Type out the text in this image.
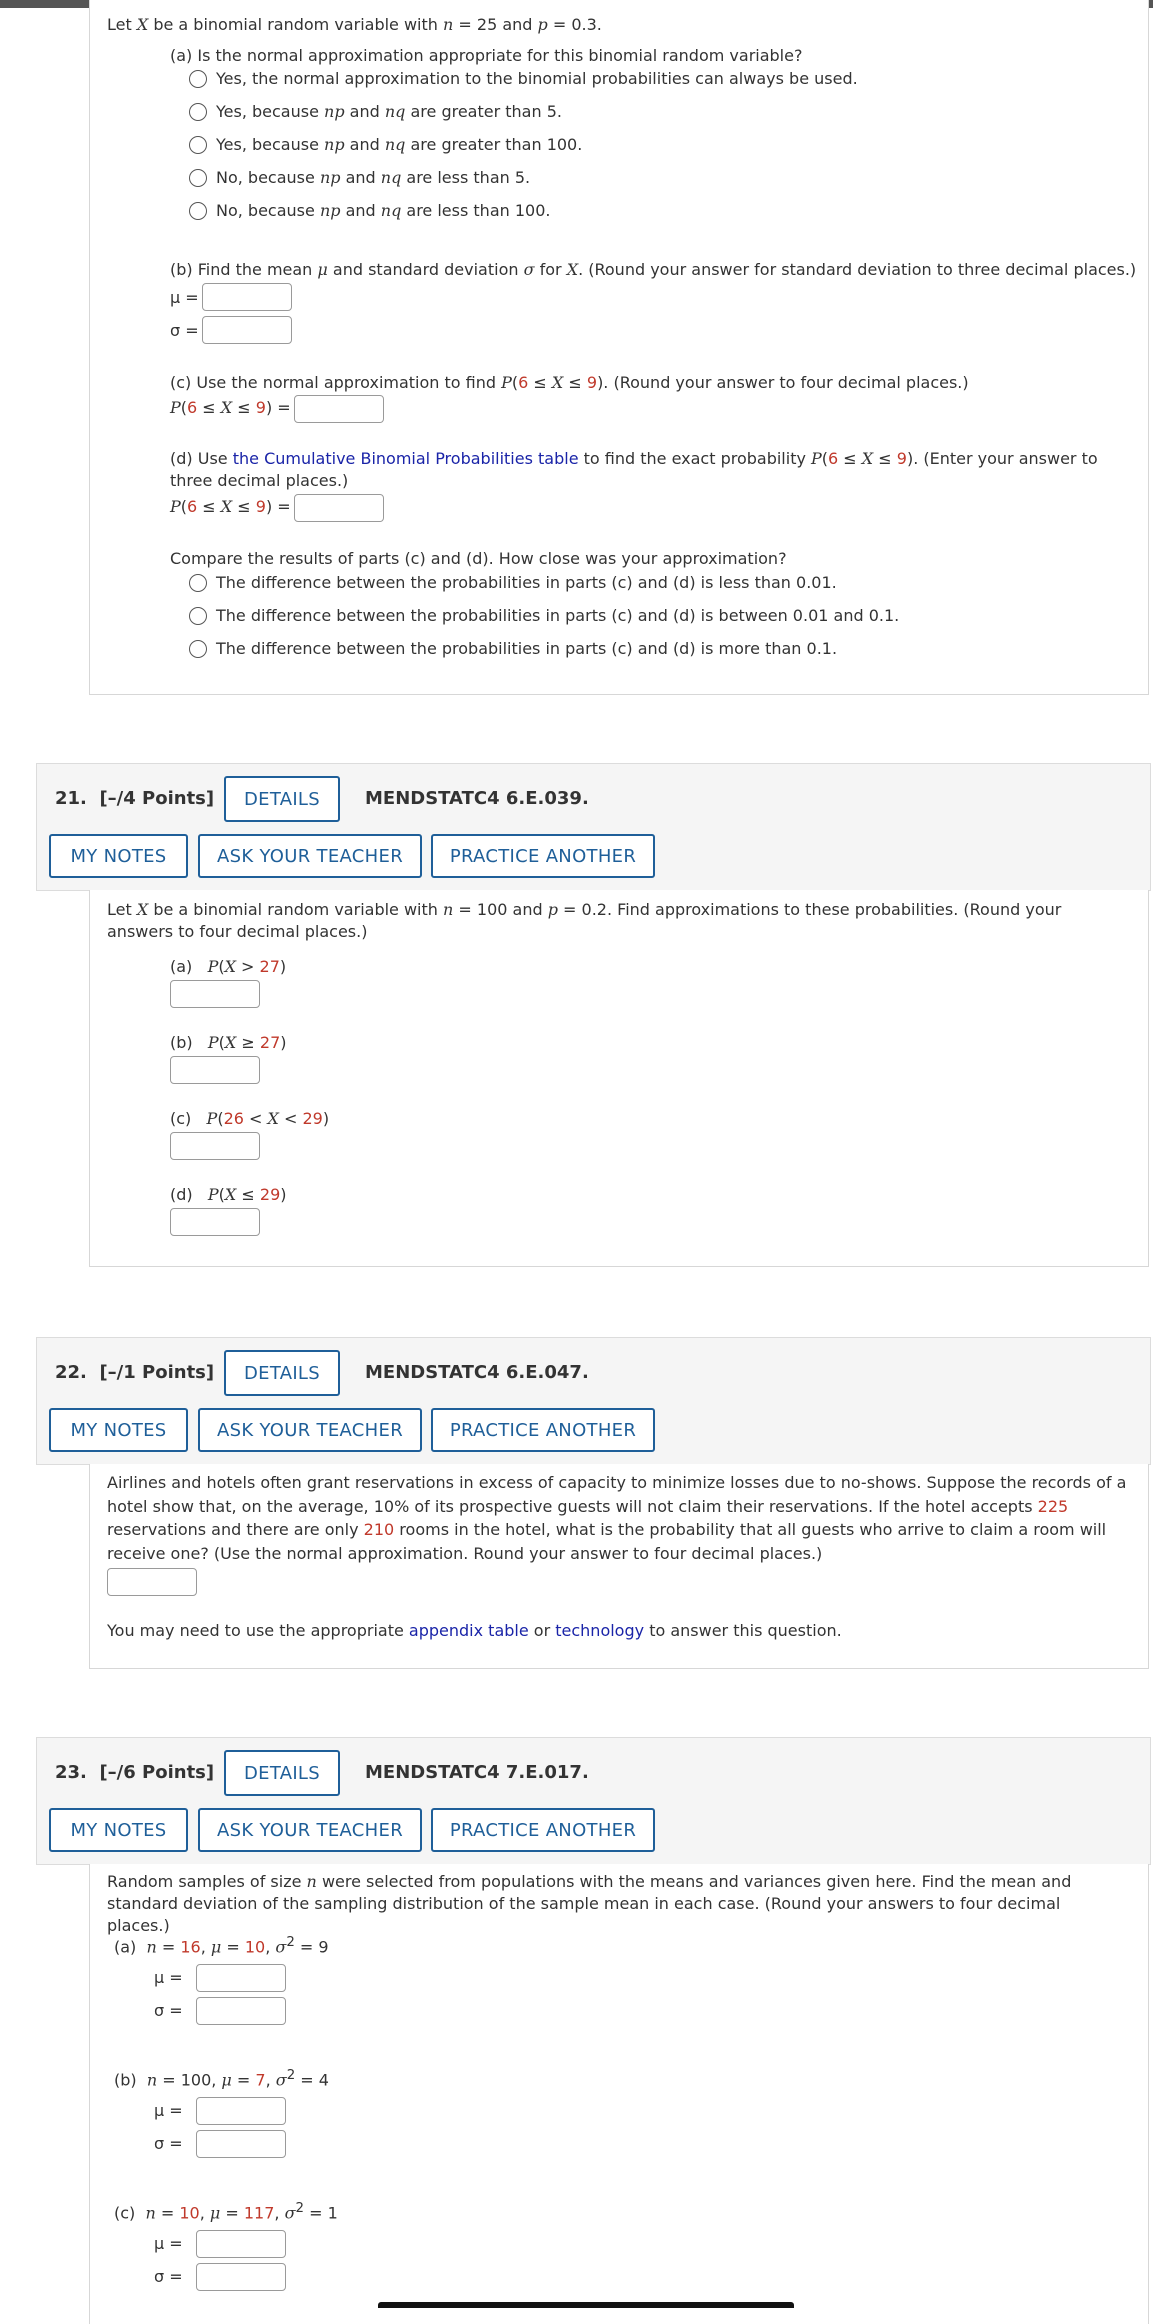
Let X be a binomial random variable with n = 25 and p = 0.3.
(a) Is the normal approximation appropriate for this binomial random variable?
Yes, the normal approximation to the binomial probabilities can always be used.
Yes, because np and nq are greater than 5.
Yes, because np and nq are greater than 100.
No, because np and nq are less than 5.
No, because np and nq are less than 100.
(b) Find the mean μ and standard deviation σ for X. (Round your answer for standard deviation to three decimal places.)
μ =
σ =
(c) Use the normal approximation to find P(6 ≤ X ≤ 9). (Round your answer to four decimal places.)
P(6 ≤ X ≤ 9) =
(d) Use the Cumulative Binomial Probabilities table to find the exact probability P(6 ≤ X ≤ 9). (Enter your answer to three decimal places.)
P(6 ≤ X ≤ 9) =
Compare the results of parts (c) and (d). How close was your approximation?
The difference between the probabilities in parts (c) and (d) is less than 0.01.
The difference between the probabilities in parts (c) and (d) is between 0.01 and 0.1.
The difference between the probabilities in parts (c) and (d) is more than 0.1.
21. [–/4 Points]	DETAILS	MENDSTATC4 6.E.039.
MY NOTES	ASK YOUR TEACHER	PRACTICE ANOTHER
Let X be a binomial random variable with n = 100 and p = 0.2. Find approximations to these probabilities. (Round your answers to four decimal places.)
(a) P(X > 27)
(b) P(X ≥ 27)
(c) P(26 < X < 29)
(d) P(X ≤ 29)
22. [–/1 Points]	DETAILS	MENDSTATC4 6.E.047.
MY NOTES	ASK YOUR TEACHER	PRACTICE ANOTHER
Airlines and hotels often grant reservations in excess of capacity to minimize losses due to no-shows. Suppose the records of a hotel show that, on the average, 10% of its prospective guests will not claim their reservations. If the hotel accepts 225 reservations and there are only 210 rooms in the hotel, what is the probability that all guests who arrive to claim a room will receive one? (Use the normal approximation. Round your answer to four decimal places.)
You may need to use the appropriate appendix table or technology to answer this question.
23. [–/6 Points]	DETAILS	MENDSTATC4 7.E.017.
MY NOTES	ASK YOUR TEACHER	PRACTICE ANOTHER
Random samples of size n were selected from populations with the means and variances given here. Find the mean and standard deviation of the sampling distribution of the sample mean in each case. (Round your answers to four decimal places.)
(a) n = 16, μ = 10, $\sigma^2 = 9$
μ =
σ =
(b) n = 100, μ = 7, $\sigma^2 = 4$
μ =
σ =
(c) n = 10, μ = 117, $\sigma^2 = 1$
μ =
σ =
